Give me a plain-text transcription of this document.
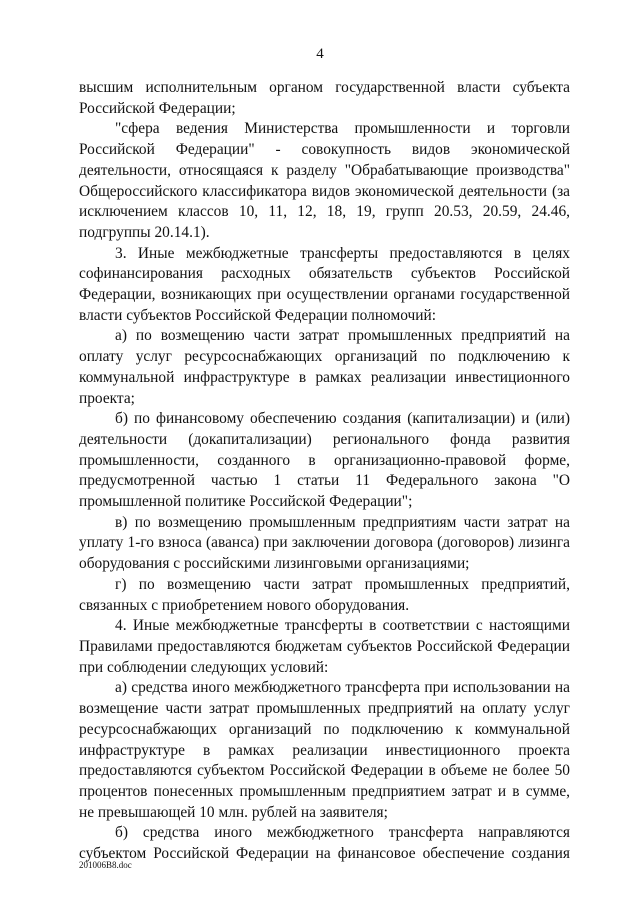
4

высшим исполнительным органом государственной власти субъекта Российской Федерации;

"сфера ведения Министерства промышленности и торговли Российской Федерации" - совокупность видов экономической деятельности, относящаяся к разделу "Обрабатывающие производства" Общероссийского классификатора видов экономической деятельности (за исключением классов 10, 11, 12, 18, 19, групп 20.53, 20.59, 24.46, подгруппы 20.14.1).

3. Иные межбюджетные трансферты предоставляются в целях софинансирования расходных обязательств субъектов Российской Федерации, возникающих при осуществлении органами государственной власти субъектов Российской Федерации полномочий:

а) по возмещению части затрат промышленных предприятий на оплату услуг ресурсоснабжающих организаций по подключению к коммунальной инфраструктуре в рамках реализации инвестиционного проекта;

б) по финансовому обеспечению создания (капитализации) и (или) деятельности (докапитализации) регионального фонда развития промышленности, созданного в организационно-правовой форме, предусмотренной частью 1 статьи 11 Федерального закона "О промышленной политике Российской Федерации";

в) по возмещению промышленным предприятиям части затрат на уплату 1-го взноса (аванса) при заключении договора (договоров) лизинга оборудования с российскими лизинговыми организациями;

г) по возмещению части затрат промышленных предприятий, связанных с приобретением нового оборудования.

4. Иные межбюджетные трансферты в соответствии с настоящими Правилами предоставляются бюджетам субъектов Российской Федерации при соблюдении следующих условий:

а) средства иного межбюджетного трансферта при использовании на возмещение части затрат промышленных предприятий на оплату услуг ресурсоснабжающих организаций по подключению к коммунальной инфраструктуре в рамках реализации инвестиционного проекта предоставляются субъектом Российской Федерации в объеме не более 50 процентов понесенных промышленным предприятием затрат и в сумме, не превышающей 10 млн. рублей на заявителя;

б) средства иного межбюджетного трансферта направляются субъектом Российской Федерации на финансовое обеспечение создания

201006B8.doc
